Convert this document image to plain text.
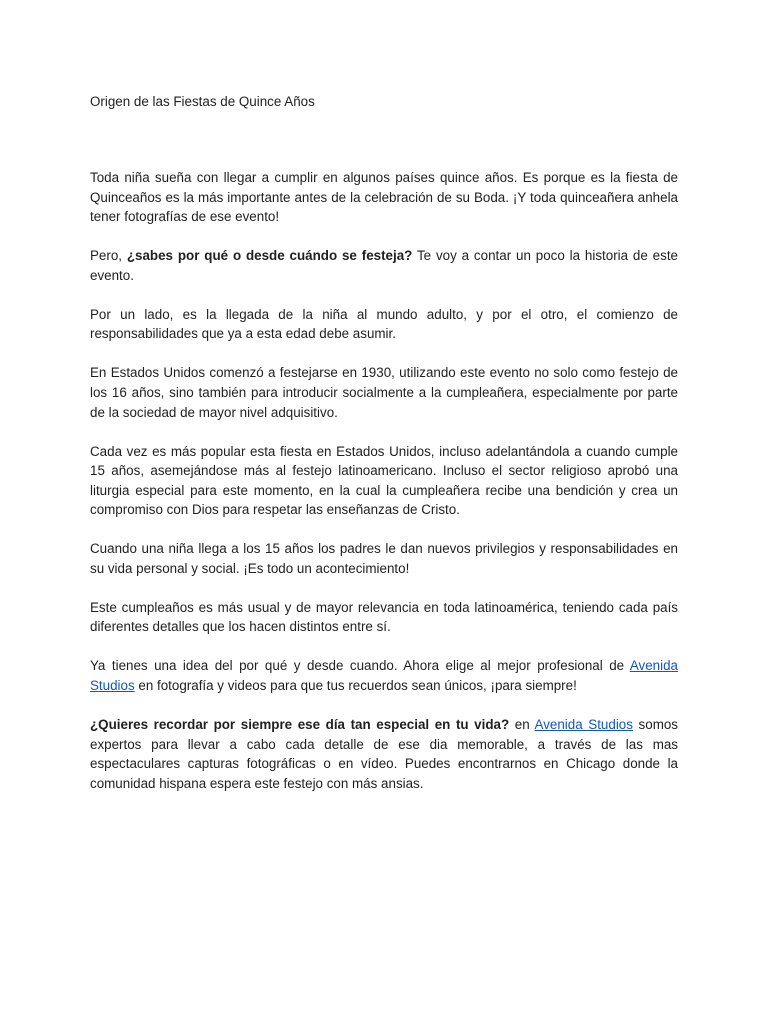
Origen de las Fiestas de Quince Años

Toda niña sueña con llegar a cumplir en algunos países quince años. Es porque es la fiesta de Quinceaños es la más importante antes de la celebración de su Boda. ¡Y toda quinceañera anhela tener fotografías de ese evento!

Pero, ¿sabes por qué o desde cuándo se festeja? Te voy a contar un poco la historia de este evento.

Por un lado, es la llegada de la niña al mundo adulto, y por el otro, el comienzo de responsabilidades que ya a esta edad debe asumir.

En Estados Unidos comenzó a festejarse en 1930, utilizando este evento no solo como festejo de los 16 años, sino también para introducir socialmente a la cumpleañera, especialmente por parte de la sociedad de mayor nivel adquisitivo.

Cada vez es más popular esta fiesta en Estados Unidos, incluso adelantándola a cuando cumple 15 años, asemejándose más al festejo latinoamericano. Incluso el sector religioso aprobó una liturgia especial para este momento, en la cual la cumpleañera recibe una bendición y crea un compromiso con Dios para respetar las enseñanzas de Cristo.

Cuando una niña llega a los 15 años los padres le dan nuevos privilegios y responsabilidades en su vida personal y social. ¡Es todo un acontecimiento!

Este cumpleaños es más usual y de mayor relevancia en toda latinoamérica, teniendo cada país diferentes detalles que los hacen distintos entre sí.

Ya tienes una idea del por qué y desde cuando. Ahora elige al mejor profesional de Avenida Studios en fotografía y videos para que tus recuerdos sean únicos, ¡para siempre!

¿Quieres recordar por siempre ese día tan especial en tu vida? en Avenida Studios somos expertos para llevar a cabo cada detalle de ese dia memorable, a través de las mas espectaculares capturas fotográficas o en vídeo. Puedes encontrarnos en Chicago donde la comunidad hispana espera este festejo con más ansias.
